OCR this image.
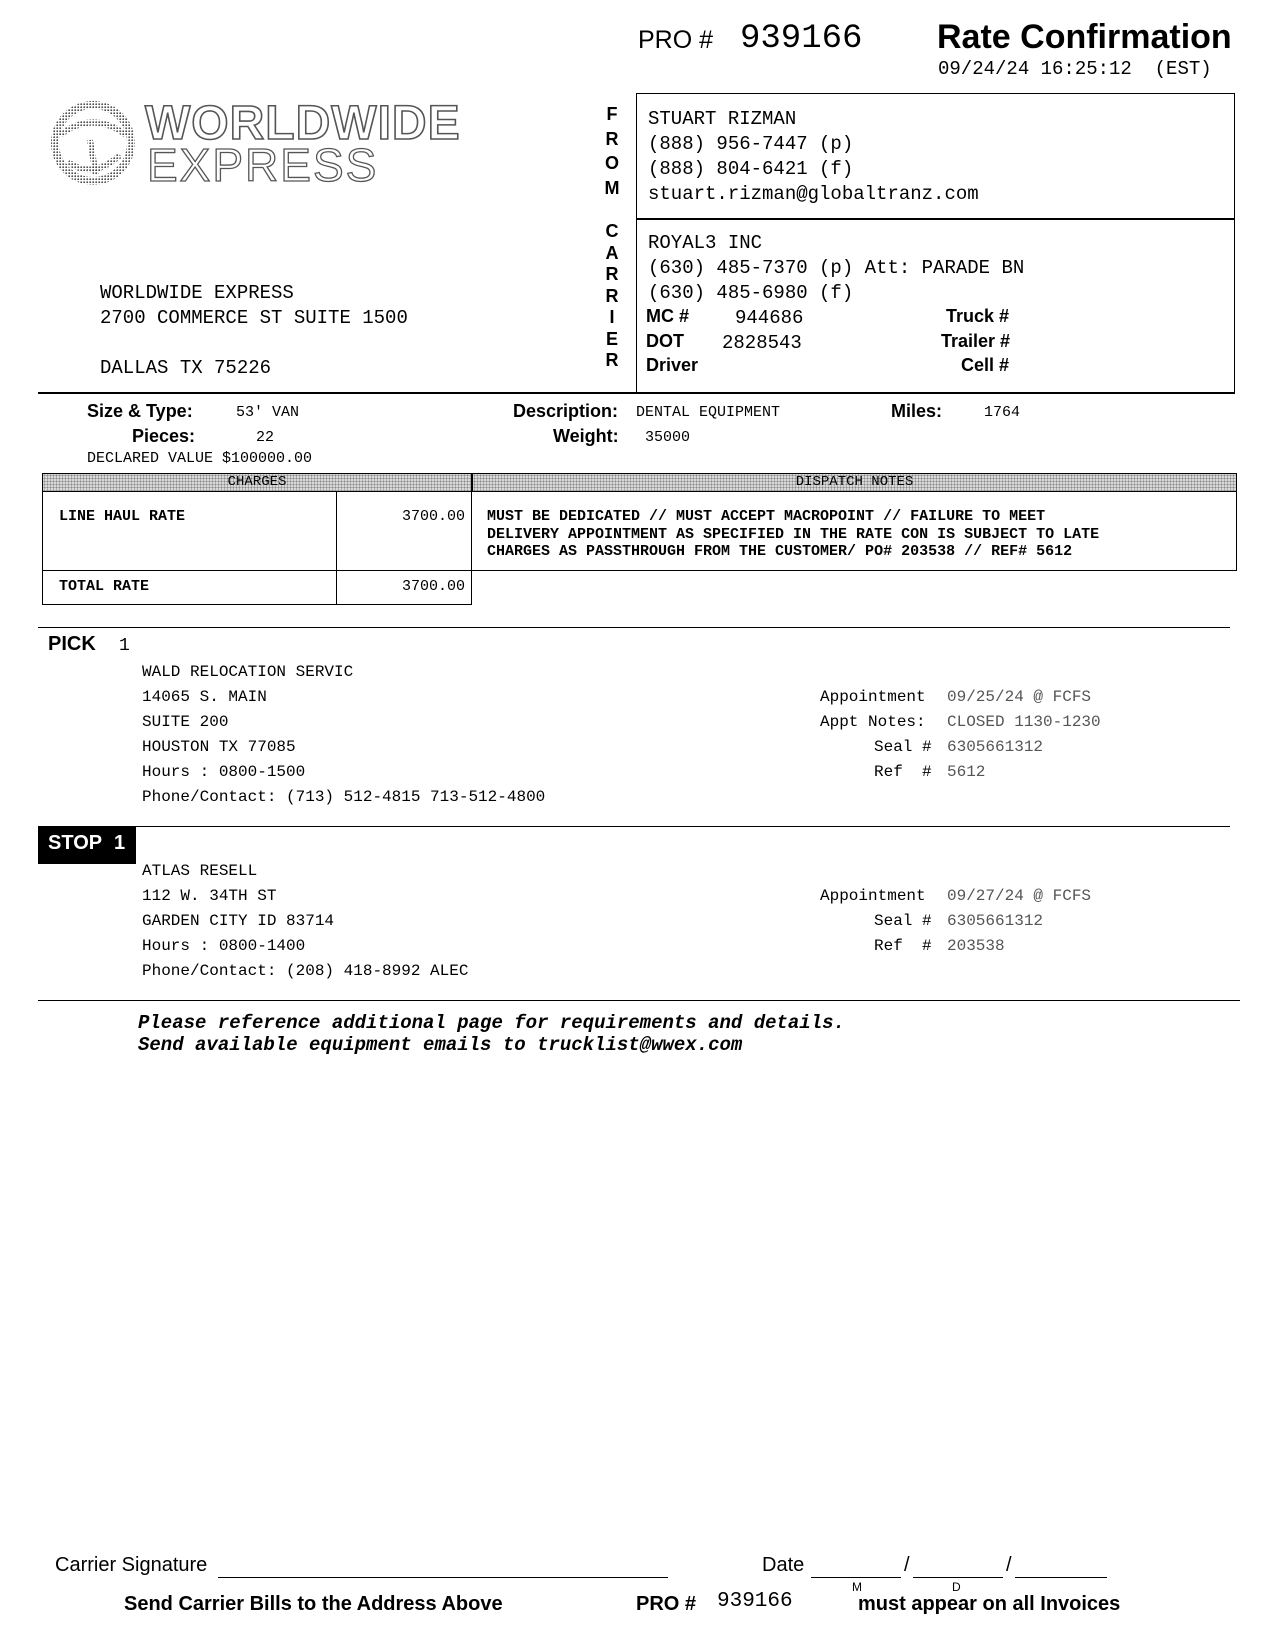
PRO # 939166 Rate Confirmation
09/24/24 16:25:12  (EST)
WORLDWIDE
EXPRESS
WORLDWIDE EXPRESS
2700 COMMERCE ST SUITE 1500
DALLAS TX 75226
F
R
O
M
C
A
R
R
I
E
R
STUART RIZMAN
(888) 956-7447 (p)
(888) 804-6421 (f)
stuart.rizman@globaltranz.com
ROYAL3 INC
(630) 485-7370 (p) Att: PARADE BN
(630) 485-6980 (f)
MC # 944686
DOT 2828543
Driver
Truck #
Trailer #
Cell #
Size & Type:	53' VAN
Pieces:	22
DECLARED VALUE $100000.00
Description: DENTAL EQUIPMENT
Weight: 35000
Miles:	1764
CHARGES	DISPATCH NOTES
LINE HAUL RATE	3700.00
TOTAL RATE	3700.00
MUST BE DEDICATED // MUST ACCEPT MACROPOINT // FAILURE TO MEET
DELIVERY APPOINTMENT AS SPECIFIED IN THE RATE CON IS SUBJECT TO LATE
CHARGES AS PASSTHROUGH FROM THE CUSTOMER/ PO# 203538 // REF# 5612
PICK 1
WALD RELOCATION SERVIC
14065 S. MAIN
SUITE 200
HOUSTON TX 77085
Hours : 0800-1500
Phone/Contact: (713) 512-4815 713-512-4800
Appointment 09/25/24 @ FCFS
Appt Notes: CLOSED 1130-1230
Seal # 6305661312
Ref  # 5612
STOP 1
ATLAS RESELL
112 W. 34TH ST
GARDEN CITY ID 83714
Hours : 0800-1400
Phone/Contact: (208) 418-8992 ALEC
Appointment 09/27/24 @ FCFS
Seal # 6305661312
Ref  # 203538
Please reference additional page for requirements and details.
Send available equipment emails to trucklist@wwex.com
Carrier Signature	Date	/	/
M	D
Send Carrier Bills to the Address Above	PRO # 939166	must appear on all Invoices
